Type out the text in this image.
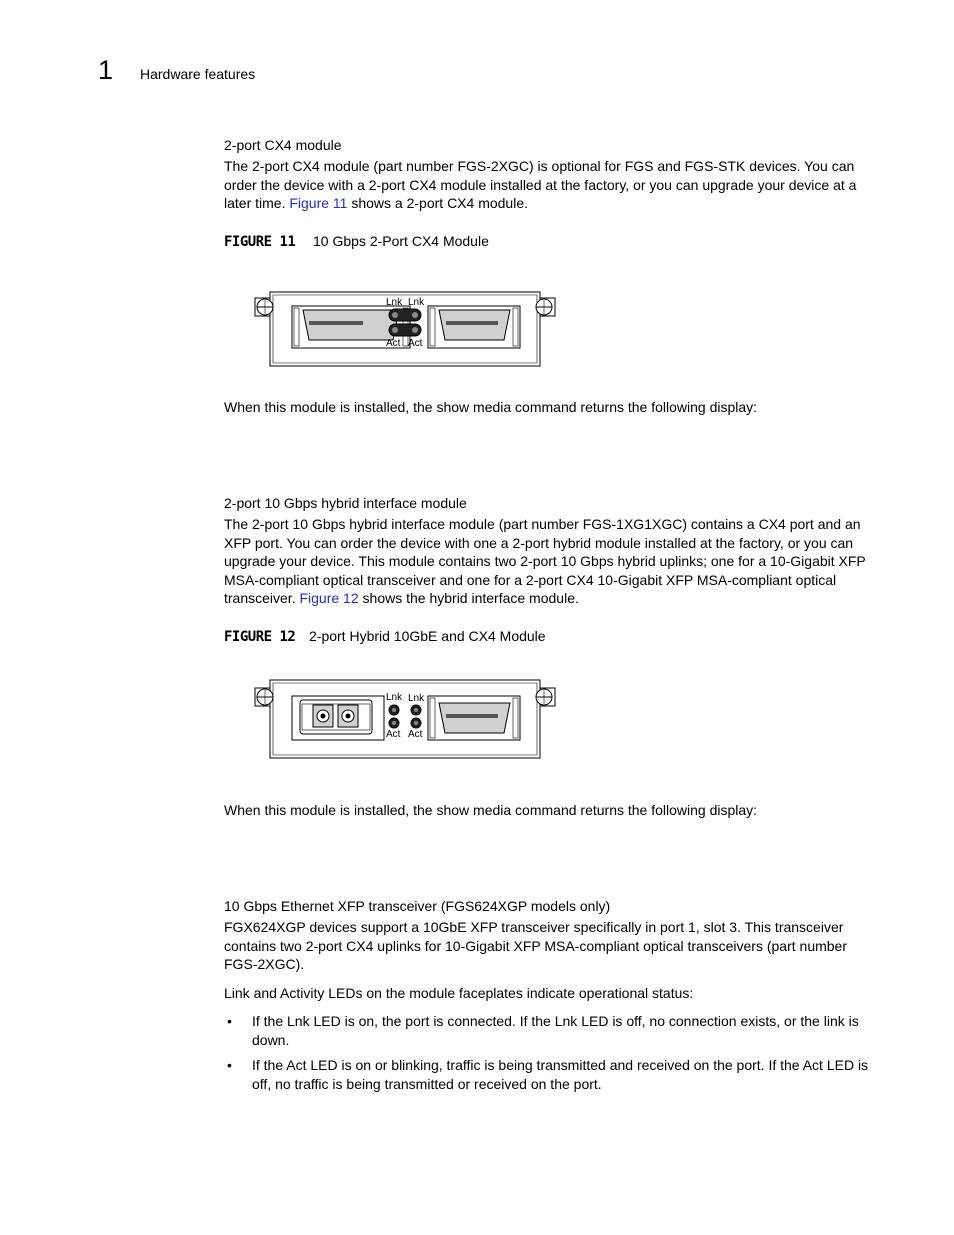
1 Hardware features
2-port CX4 module
The 2-port CX4 module (part number FGS-2XGC) is optional for FGS and FGS-STK devices. You can order the device with a 2-port CX4 module installed at the factory, or you can upgrade your device at a later time. Figure 11 shows a 2-port CX4 module.
FIGURE 11 10 Gbps 2-Port CX4 Module
Lnk Lnk
Act Act
When this module is installed, the show media command returns the following display:
2-port 10 Gbps hybrid interface module
The 2-port 10 Gbps hybrid interface module (part number FGS-1XG1XGC) contains a CX4 port and an XFP port. You can order the device with one a 2-port hybrid module installed at the factory, or you can upgrade your device. This module contains two 2-port 10 Gbps hybrid uplinks; one for a 10-Gigabit XFP MSA-compliant optical transceiver and one for a 2-port CX4 10-Gigabit XFP MSA-compliant optical transceiver. Figure 12 shows the hybrid interface module.
FIGURE 12 2-port Hybrid 10GbE and CX4 Module
Lnk Lnk
Act Act
When this module is installed, the show media command returns the following display:
10 Gbps Ethernet XFP transceiver (FGS624XGP models only)
FGX624XGP devices support a 10GbE XFP transceiver specifically in port 1, slot 3. This transceiver contains two 2-port CX4 uplinks for 10-Gigabit XFP MSA-compliant optical transceivers (part number FGS-2XGC).
Link and Activity LEDs on the module faceplates indicate operational status:
• If the Lnk LED is on, the port is connected. If the Lnk LED is off, no connection exists, or the link is down.
• If the Act LED is on or blinking, traffic is being transmitted and received on the port. If the Act LED is off, no traffic is being transmitted or received on the port.
